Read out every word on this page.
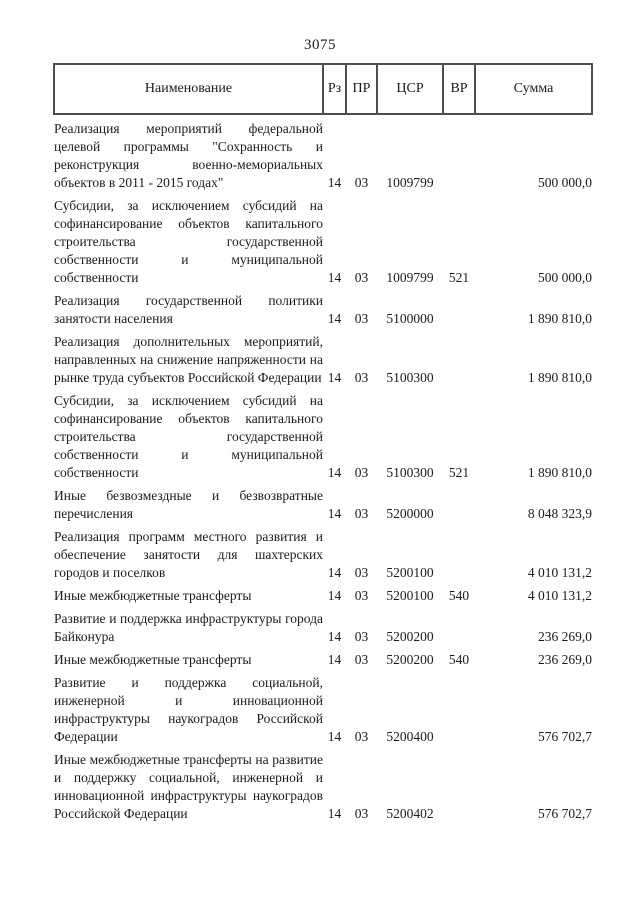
3075
Наименование	Рз	ПР	ЦСР	ВР	Сумма
Реализация мероприятий федеральной целевой программы "Сохранность и реконструкция военно-мемориальных объектов в 2011 - 2015 годах"	14	03	1009799		500 000,0
Субсидии, за исключением субсидий на софинансирование объектов капитального строительства государственной собственности и муниципальной собственности	14	03	1009799	521	500 000,0
Реализация государственной политики занятости населения	14	03	5100000		1 890 810,0
Реализация дополнительных мероприятий, направленных на снижение напряженности на рынке труда субъектов Российской Федерации	14	03	5100300		1 890 810,0
Субсидии, за исключением субсидий на софинансирование объектов капитального строительства государственной собственности и муниципальной собственности	14	03	5100300	521	1 890 810,0
Иные безвозмездные и безвозвратные перечисления	14	03	5200000		8 048 323,9
Реализация программ местного развития и обеспечение занятости для шахтерских городов и поселков	14	03	5200100		4 010 131,2
Иные межбюджетные трансферты	14	03	5200100	540	4 010 131,2
Развитие и поддержка инфраструктуры города Байконура	14	03	5200200		236 269,0
Иные межбюджетные трансферты	14	03	5200200	540	236 269,0
Развитие и поддержка социальной, инженерной и инновационной инфраструктуры наукоградов Российской Федерации	14	03	5200400		576 702,7
Иные межбюджетные трансферты на развитие и поддержку социальной, инженерной и инновационной инфраструктуры наукоградов Российской Федерации	14	03	5200402		576 702,7
